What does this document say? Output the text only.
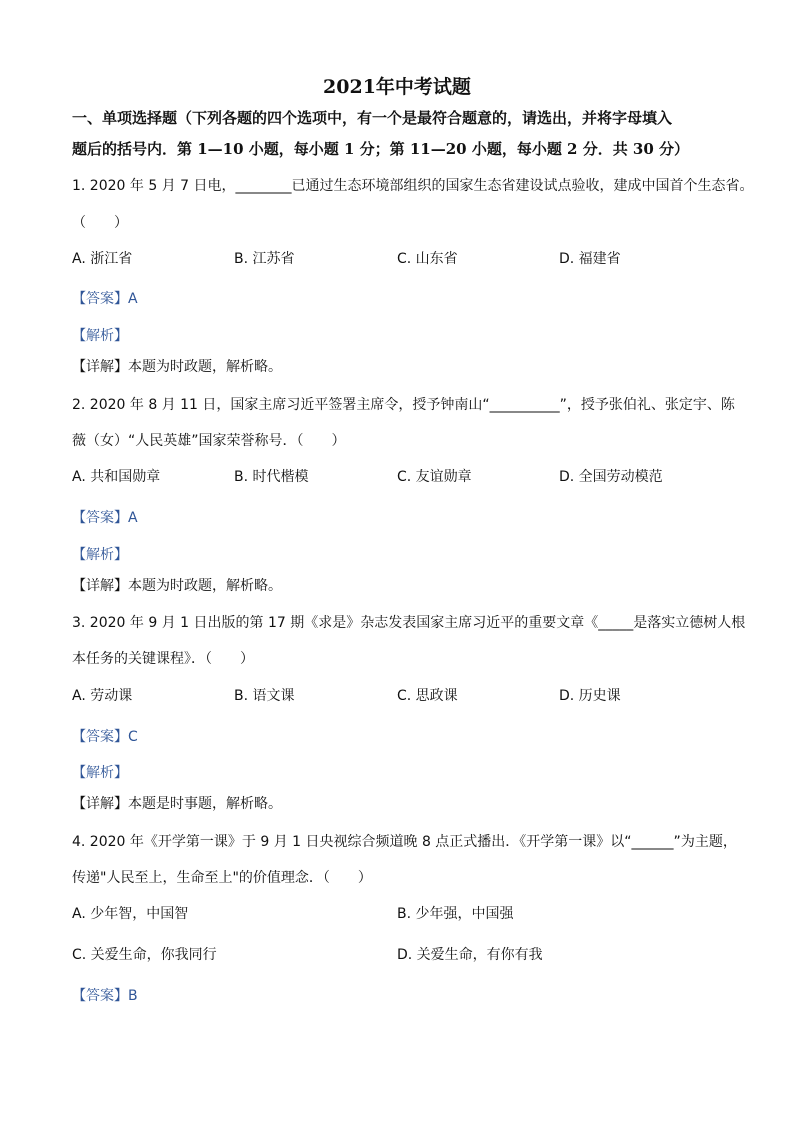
2021年中考试题
一、单项选择题（下列各题的四个选项中，有一个是最符合题意的，请选出，并将字母填入
题后的括号内．第 1—10 小题，每小题 1 分；第 11—20 小题，每小题 2 分．共 30 分）
1. 2020 年 5 月 7 日电，________已通过生态环境部组织的国家生态省建设试点验收，建成中国首个生态省。
（　　）
A. 浙江省	B. 江苏省	C. 山东省	D. 福建省
【答案】A
【解析】
【详解】本题为时政题，解析略。
2. 2020 年 8 月 11 日，国家主席习近平签署主席令，授予钟南山“__________”，授予张伯礼、张定宇、陈
薇（女）“人民英雄”国家荣誉称号．（　　）
A. 共和国勋章	B. 时代楷模	C. 友谊勋章	D. 全国劳动模范
【答案】A
【解析】
【详解】本题为时政题，解析略。
3. 2020 年 9 月 1 日出版的第 17 期《求是》杂志发表国家主席习近平的重要文章《_____是落实立德树人根
本任务的关键课程》．（　　）
A. 劳动课	B. 语文课	C. 思政课	D. 历史课
【答案】C
【解析】
【详解】本题是时事题，解析略。
4. 2020 年《开学第一课》于 9 月 1 日央视综合频道晚 8 点正式播出．《开学第一课》以“______”为主题，
传递"人民至上，生命至上"的价值理念．（　　）
A. 少年智，中国智	B. 少年强，中国强
C. 关爱生命，你我同行	D. 关爱生命，有你有我
【答案】B
